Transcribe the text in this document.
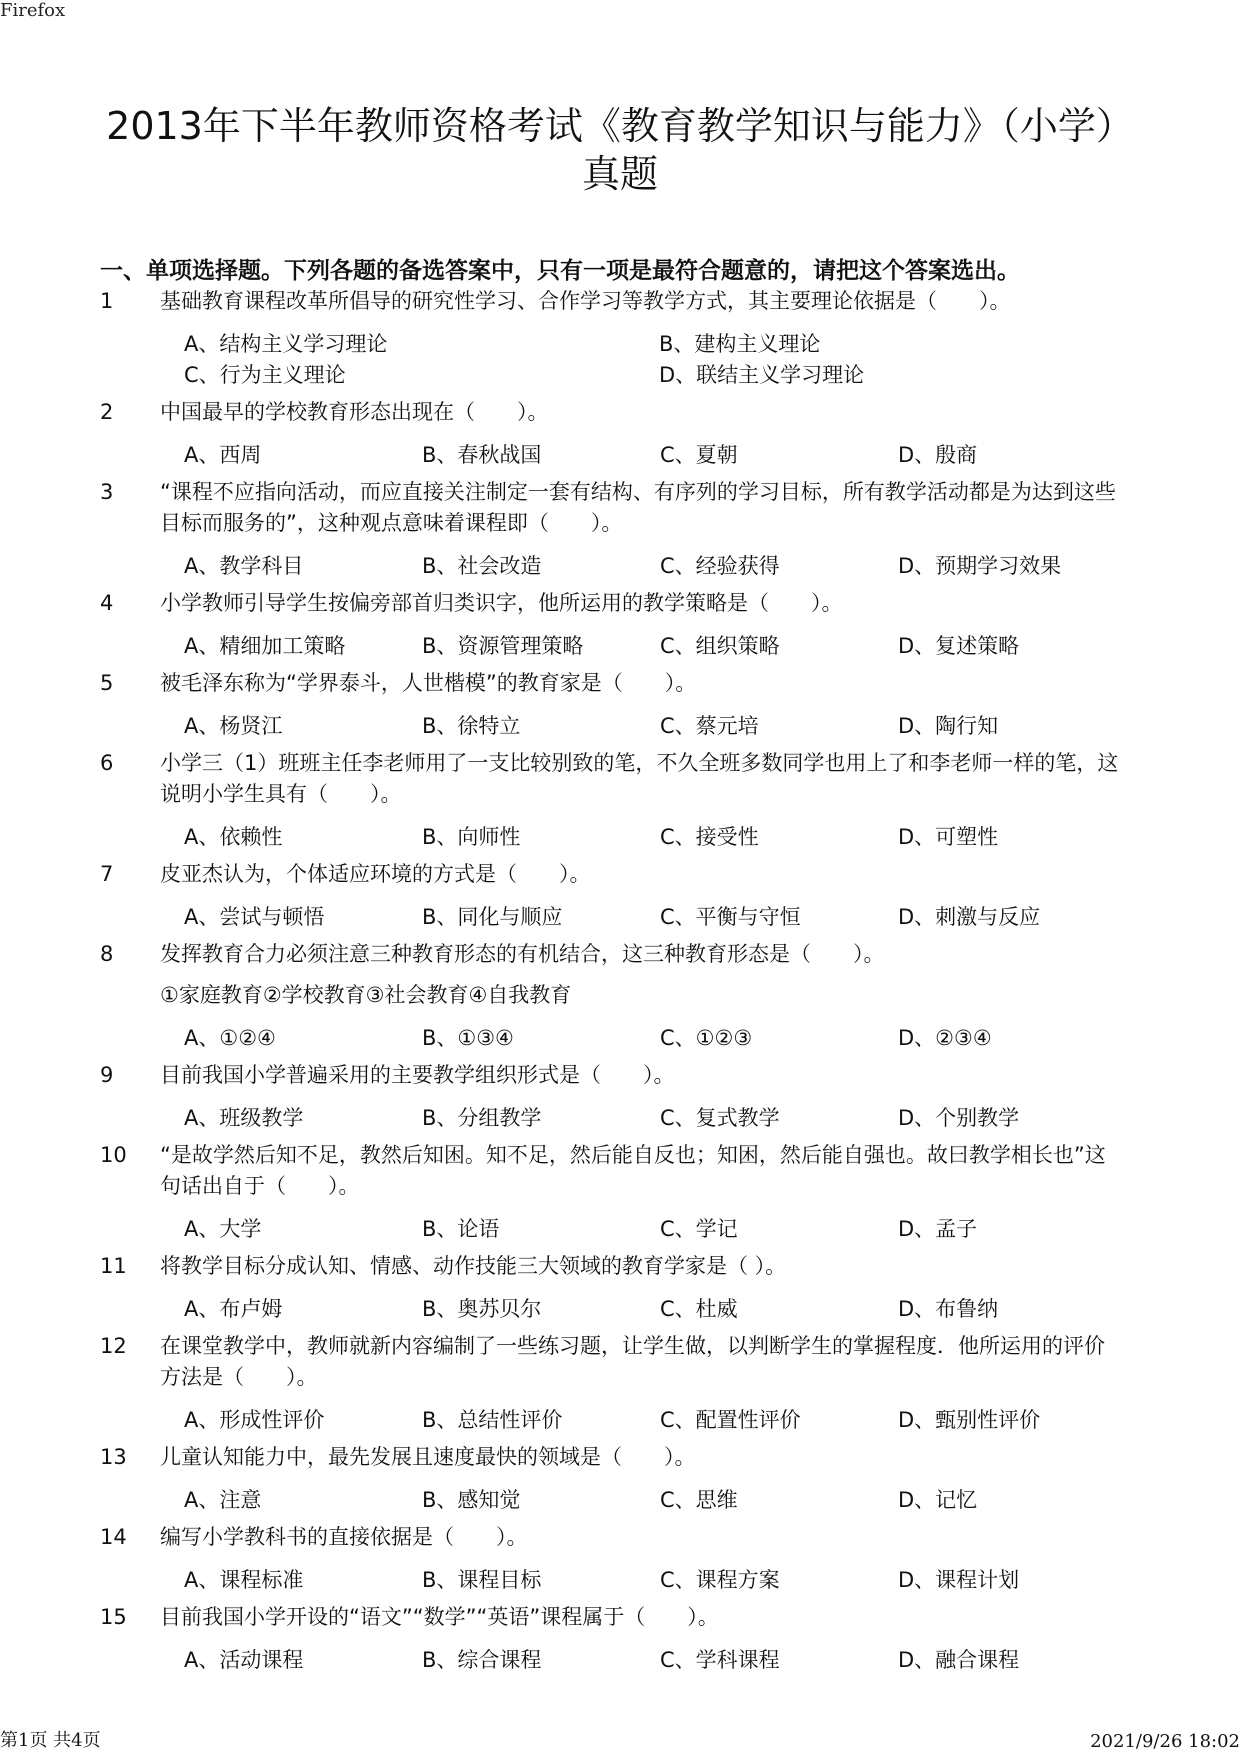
Firefox
2013年下半年教师资格考试《教育教学知识与能力》（小学）真题
一、单项选择题。下列各题的备选答案中，只有一项是最符合题意的，请把这个答案选出。
1	基础教育课程改革所倡导的研究性学习、合作学习等教学方式，其主要理论依据是（　　）。
A、结构主义学习理论	B、建构主义理论
C、行为主义理论	D、联结主义学习理论
2	中国最早的学校教育形态出现在（　　）。
A、西周	B、春秋战国	C、夏朝	D、殷商
3	“课程不应指向活动，而应直接关注制定一套有结构、有序列的学习目标，所有教学活动都是为达到这些目标而服务的”，这种观点意味着课程即（　　）。
A、教学科目	B、社会改造	C、经验获得	D、预期学习效果
4	小学教师引导学生按偏旁部首归类识字，他所运用的教学策略是（　　）。
A、精细加工策略	B、资源管理策略	C、组织策略	D、复述策略
5	被毛泽东称为“学界泰斗，人世楷模”的教育家是（　　）。
A、杨贤江	B、徐特立	C、蔡元培	D、陶行知
6	小学三（1）班班主任李老师用了一支比较别致的笔，不久全班多数同学也用上了和李老师一样的笔，这说明小学生具有（　　）。
A、依赖性	B、向师性	C、接受性	D、可塑性
7	皮亚杰认为，个体适应环境的方式是（　　）。
A、尝试与顿悟	B、同化与顺应	C、平衡与守恒	D、刺激与反应
8	发挥教育合力必须注意三种教育形态的有机结合，这三种教育形态是（　　）。
①家庭教育②学校教育③社会教育④自我教育
A、①②④	B、①③④	C、①②③	D、②③④
9	目前我国小学普遍采用的主要教学组织形式是（　　）。
A、班级教学	B、分组教学	C、复式教学	D、个别教学
10	“是故学然后知不足，教然后知困。知不足，然后能自反也；知困，然后能自强也。故曰教学相长也”这句话出自于（　　）。
A、大学	B、论语	C、学记	D、孟子
11	将教学目标分成认知、情感、动作技能三大领域的教育学家是（ ）。
A、布卢姆	B、奥苏贝尔	C、杜威	D、布鲁纳
12	在课堂教学中，教师就新内容编制了一些练习题，让学生做，以判断学生的掌握程度．他所运用的评价方法是（　　）。
A、形成性评价	B、总结性评价	C、配置性评价	D、甄别性评价
13	儿童认知能力中，最先发展且速度最快的领域是（　　）。
A、注意	B、感知觉	C、思维	D、记忆
14	编写小学教科书的直接依据是（　　）。
A、课程标准	B、课程目标	C、课程方案	D、课程计划
15	目前我国小学开设的“语文”“数学”“英语”课程属于（　　）。
A、活动课程	B、综合课程	C、学科课程	D、融合课程
第1页 共4页	2021/9/26 18:02
